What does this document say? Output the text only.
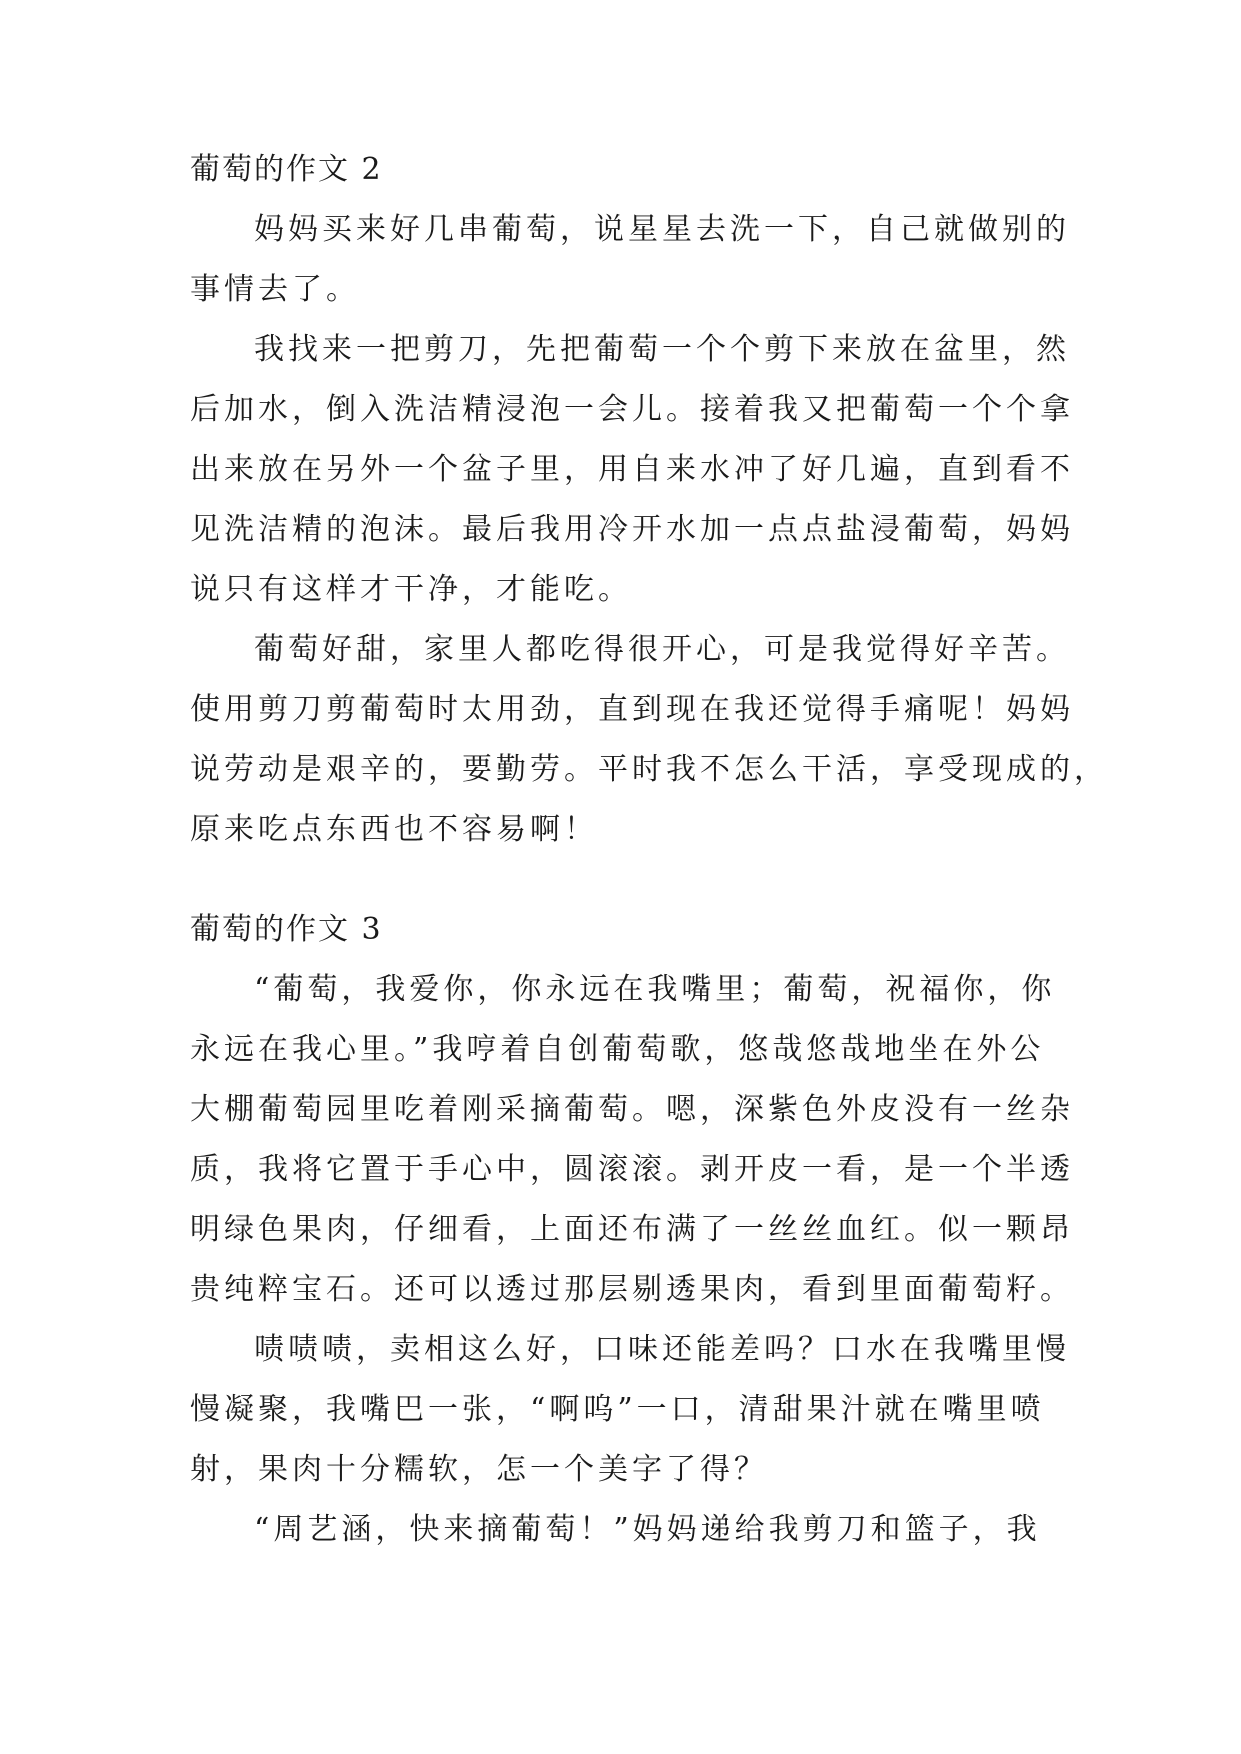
葡萄的作文 2
妈妈买来好几串葡萄，说星星去洗一下，自己就做别的
事情去了。
我找来一把剪刀，先把葡萄一个个剪下来放在盆里，然
后加水，倒入洗洁精浸泡一会儿。接着我又把葡萄一个个拿
出来放在另外一个盆子里，用自来水冲了好几遍，直到看不
见洗洁精的泡沫。最后我用冷开水加一点点盐浸葡萄，妈妈
说只有这样才干净，才能吃。
葡萄好甜，家里人都吃得很开心，可是我觉得好辛苦。
使用剪刀剪葡萄时太用劲，直到现在我还觉得手痛呢！妈妈
说劳动是艰辛的，要勤劳。平时我不怎么干活，享受现成的，
原来吃点东西也不容易啊！
葡萄的作文 3
“葡萄，我爱你，你永远在我嘴里；葡萄，祝福你，你
永远在我心里。”我哼着自创葡萄歌，悠哉悠哉地坐在外公
大棚葡萄园里吃着刚采摘葡萄。嗯，深紫色外皮没有一丝杂
质，我将它置于手心中，圆滚滚。剥开皮一看，是一个半透
明绿色果肉，仔细看，上面还布满了一丝丝血红。似一颗昂
贵纯粹宝石。还可以透过那层剔透果肉，看到里面葡萄籽。
啧啧啧，卖相这么好，口味还能差吗？口水在我嘴里慢
慢凝聚，我嘴巴一张，“啊呜”一口，清甜果汁就在嘴里喷
射，果肉十分糯软，怎一个美字了得？
“周艺涵，快来摘葡萄！”妈妈递给我剪刀和篮子，我
